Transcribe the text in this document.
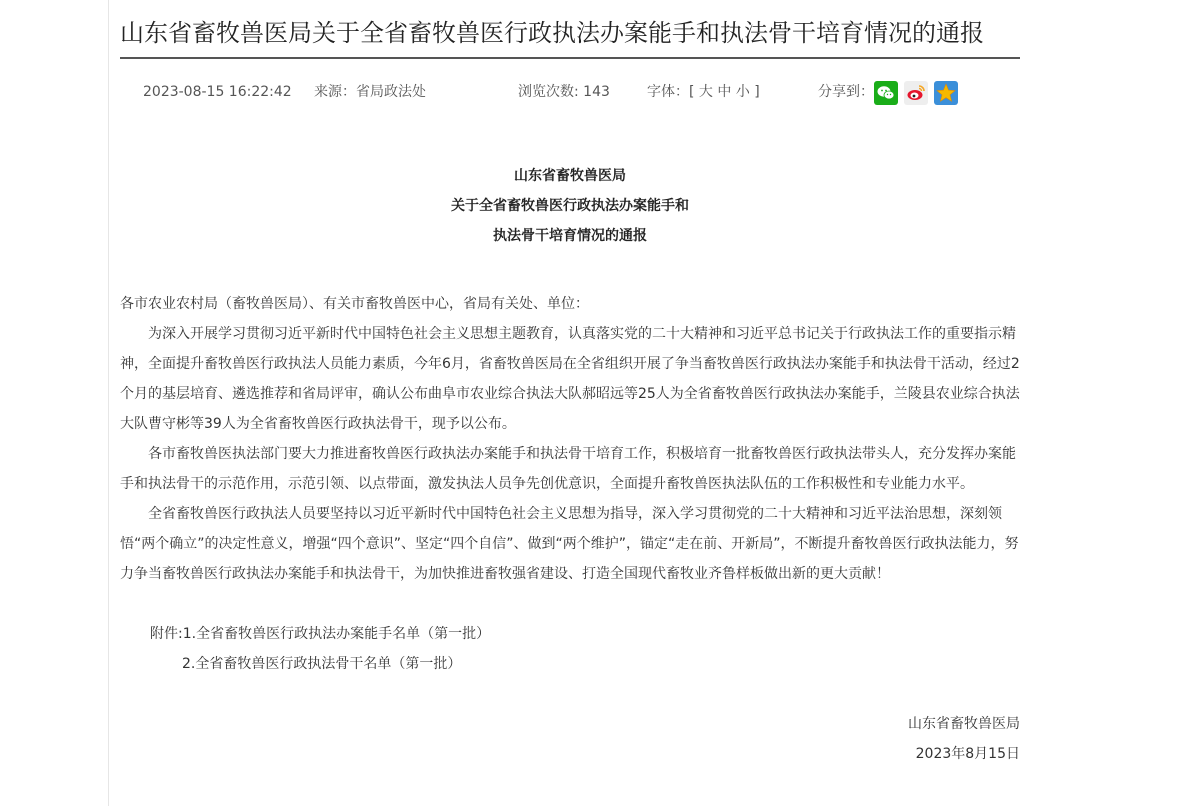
山东省畜牧兽医局关于全省畜牧兽医行政执法办案能手和执法骨干培育情况的通报
2023-08-15 16:22:42 来源：省局政法处	浏览次数: 143	字体：[ 大 中 小 ]	分享到：
山东省畜牧兽医局
关于全省畜牧兽医行政执法办案能手和
执法骨干培育情况的通报

各市农业农村局（畜牧兽医局）、有关市畜牧兽医中心，省局有关处、单位：

为深入开展学习贯彻习近平新时代中国特色社会主义思想主题教育，认真落实党的二十大精神和习近平总书记关于行政执法工作的重要指示精神，全面提升畜牧兽医行政执法人员能力素质，今年6月，省畜牧兽医局在全省组织开展了争当畜牧兽医行政执法办案能手和执法骨干活动，经过2个月的基层培育、遴选推荐和省局评审，确认公布曲阜市农业综合执法大队郝昭远等25人为全省畜牧兽医行政执法办案能手，兰陵县农业综合执法大队曹守彬等39人为全省畜牧兽医行政执法骨干，现予以公布。

各市畜牧兽医执法部门要大力推进畜牧兽医行政执法办案能手和执法骨干培育工作，积极培育一批畜牧兽医行政执法带头人，充分发挥办案能手和执法骨干的示范作用，示范引领、以点带面，激发执法人员争先创优意识，全面提升畜牧兽医执法队伍的工作积极性和专业能力水平。

全省畜牧兽医行政执法人员要坚持以习近平新时代中国特色社会主义思想为指导，深入学习贯彻党的二十大精神和习近平法治思想，深刻领悟“两个确立”的决定性意义，增强“四个意识”、坚定“四个自信”、做到“两个维护”，锚定“走在前、开新局”，不断提升畜牧兽医行政执法能力，努力争当畜牧兽医行政执法办案能手和执法骨干，为加快推进畜牧强省建设、打造全国现代畜牧业齐鲁样板做出新的更大贡献！

附件:1.全省畜牧兽医行政执法办案能手名单（第一批）
2.全省畜牧兽医行政执法骨干名单（第一批）
山东省畜牧兽医局
2023年8月15日
